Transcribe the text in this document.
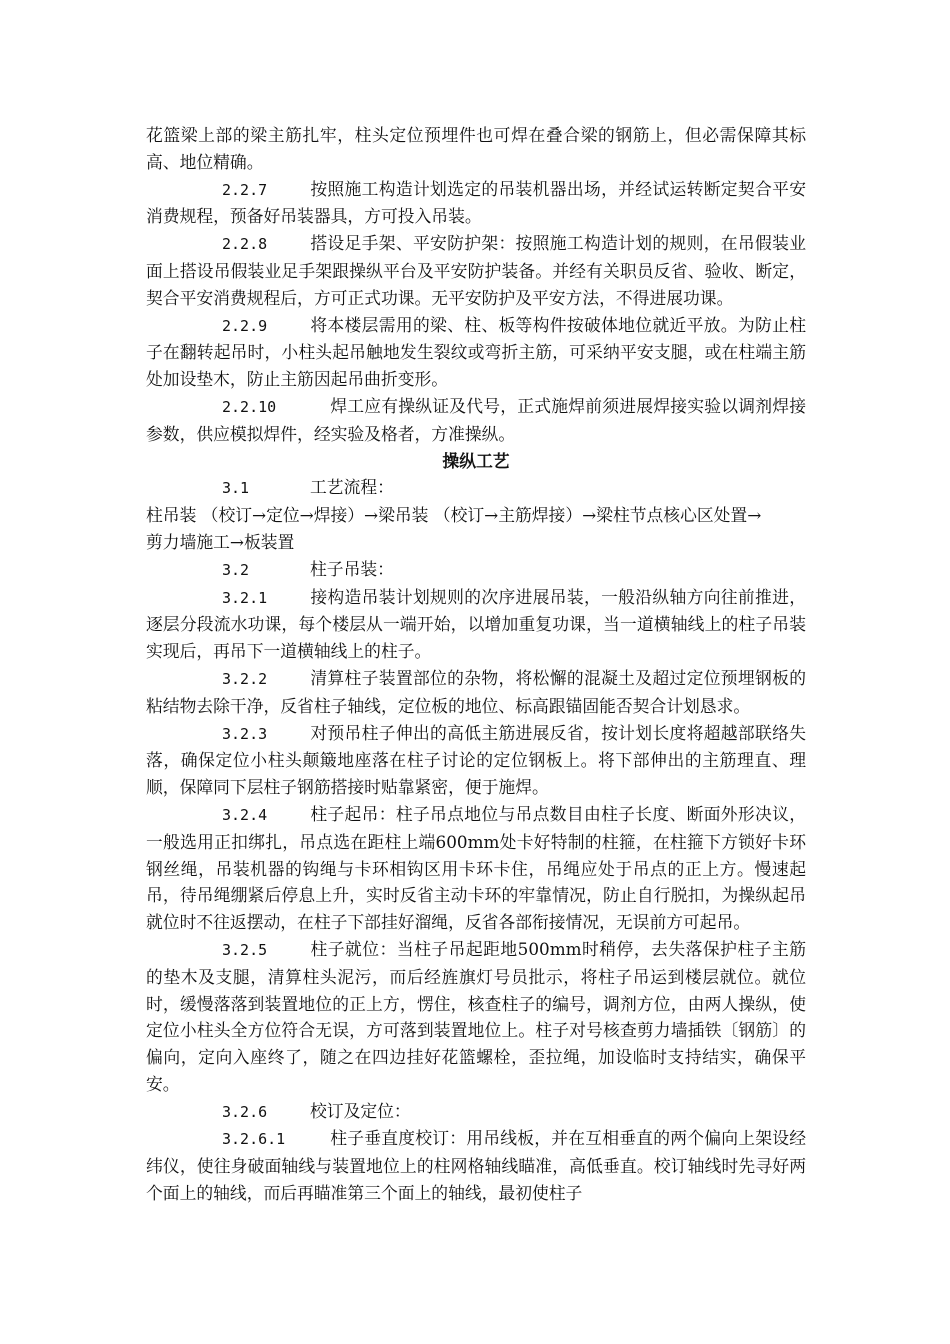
花篮梁上部的梁主筋扎牢，柱头定位预埋件也可焊在叠合梁的钢筋上，但必需保障其标高、地位精确。

2.2.7	按照施工构造计划选定的吊装机器出场，并经试运转断定契合平安消费规程，预备好吊装器具，方可投入吊装。

2.2.8	搭设足手架、平安防护架：按照施工构造计划的规则，在吊假装业面上搭设吊假装业足手架跟操纵平台及平安防护装备。并经有关职员反省、验收、断定，契合平安消费规程后，方可正式功课。无平安防护及平安方法，不得进展功课。

2.2.9	将本楼层需用的梁、柱、板等构件按破体地位就近平放。为防止柱子在翻转起吊时，小柱头起吊触地发生裂纹或弯折主筋，可采纳平安支腿，或在柱端主筋处加设垫木，防止主筋因起吊曲折变形。

2.2.10	焊工应有操纵证及代号，正式施焊前须进展焊接实验以调剂焊接参数，供应模拟焊件，经实验及格者，方准操纵。

操纵工艺

3.1	工艺流程：

柱吊装 （校订→定位→焊接）→梁吊装 （校订→主筋焊接）→梁柱节点核心区处置→

剪力墙施工→板装置

3.2	柱子吊装：

3.2.1	接构造吊装计划规则的次序进展吊装，一般沿纵轴方向往前推进，逐层分段流水功课，每个楼层从一端开始，以增加重复功课，当一道横轴线上的柱子吊装实现后，再吊下一道横轴线上的柱子。

3.2.2	清算柱子装置部位的杂物，将松懈的混凝土及超过定位预埋钢板的粘结物去除干净，反省柱子轴线，定位板的地位、标高跟锚固能否契合计划恳求。

3.2.3	对预吊柱子伸出的高低主筋进展反省，按计划长度将超越部联络失落，确保定位小柱头颠簸地座落在柱子讨论的定位钢板上。将下部伸出的主筋理直、理顺，保障同下层柱子钢筋搭接时贴靠紧密，便于施焊。

3.2.4	柱子起吊：柱子吊点地位与吊点数目由柱子长度、断面外形决议，一般选用正扣绑扎，吊点选在距柱上端600mm处卡好特制的柱箍，在柱箍下方锁好卡环钢丝绳，吊装机器的钩绳与卡环相钩区用卡环卡住，吊绳应处于吊点的正上方。慢速起吊，待吊绳绷紧后停息上升，实时反省主动卡环的牢靠情况，防止自行脱扣，为操纵起吊就位时不往返摆动，在柱子下部挂好溜绳，反省各部衔接情况，无误前方可起吊。

3.2.5	柱子就位：当柱子吊起距地500mm时稍停，去失落保护柱子主筋的垫木及支腿，清算柱头泥污，而后经旌旗灯号员批示，将柱子吊运到楼层就位。就位时，缓慢落落到装置地位的正上方，愣住，核查柱子的编号，调剂方位，由两人操纵，使定位小柱头全方位符合无误，方可落到装置地位上。柱子对号核查剪力墙插铁〔钢筋〕的偏向，定向入座终了，随之在四边挂好花篮螺栓，歪拉绳，加设临时支持结实，确保平安。

3.2.6	校订及定位：

3.2.6.1	柱子垂直度校订：用吊线板，并在互相垂直的两个偏向上架设经纬仪，使往身破面轴线与装置地位上的柱网格轴线瞄准，高低垂直。校订轴线时先寻好两个面上的轴线，而后再瞄准第三个面上的轴线，最初使柱子
